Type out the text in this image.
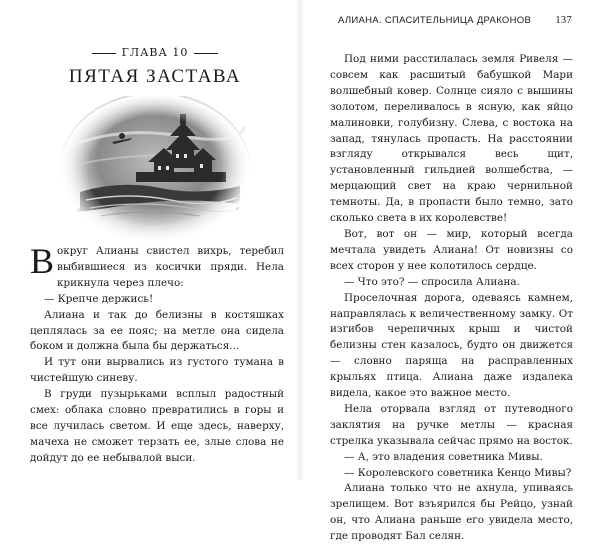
ГЛАВА 10
ПЯТАЯ ЗАСТАВА

Вокруг Алианы свистел вихрь, теребил выбившиеся из косички пряди. Нела крикнула через плечо:

— Крепче держись!

Алиана и так до белизны в костяшках цеплялась за ее пояс; на метле она сидела боком и должна была бы держаться...

И тут они вырвались из густого тумана в чистейшую синеву.

В груди пузырьками всплыл радостный смех: облака словно превратились в горы и все лучилась светом. И еще здесь, наверху, мачеха не сможет терзать ее, злые слова не дойдут до ее небывалой выси.

АЛИАНА. СПАСИТЕЛЬНИЦА ДРАКОНОВ 137

Под ними расстилалась земля Ривеля — совсем как расшитый бабушкой Мари волшебный ковер. Солнце сияло с вышины золотом, переливалось в ясную, как яйцо малиновки, голубизну. Слева, с востока на запад, тянулась пропасть. На расстоянии взгляду открывался весь щит, установленный гильдией волшебства, — мерцающий свет на краю чернильной темноты. Да, в пропасти было темно, зато сколько света в их королевстве!

Вот, вот он — мир, который всегда мечтала увидеть Алиана! От новизны со всех сторон у нее колотилось сердце.

— Что это? — спросила Алиана.

Проселочная дорога, одеваясь камнем, направлялась к величественному замку. От изгибов черепичных крыш и чистой белизны стен казалось, будто он движется — словно паряща на расправленных крыльях птица. Алиана даже издалека видела, какое это важное место.

Нела оторвала взгляд от путеводного заклятия на ручке метлы — красная стрелка указывала сейчас прямо на восток.

— А, это владения советника Мивы.

— Королевского советника Кенцо Мивы?

Алиана только что не ахнула, упиваясь зрелищем. Вот взъярился бы Рейцо, узнай он, что Алиана раньше его увидела место, где проводят Бал селян.
